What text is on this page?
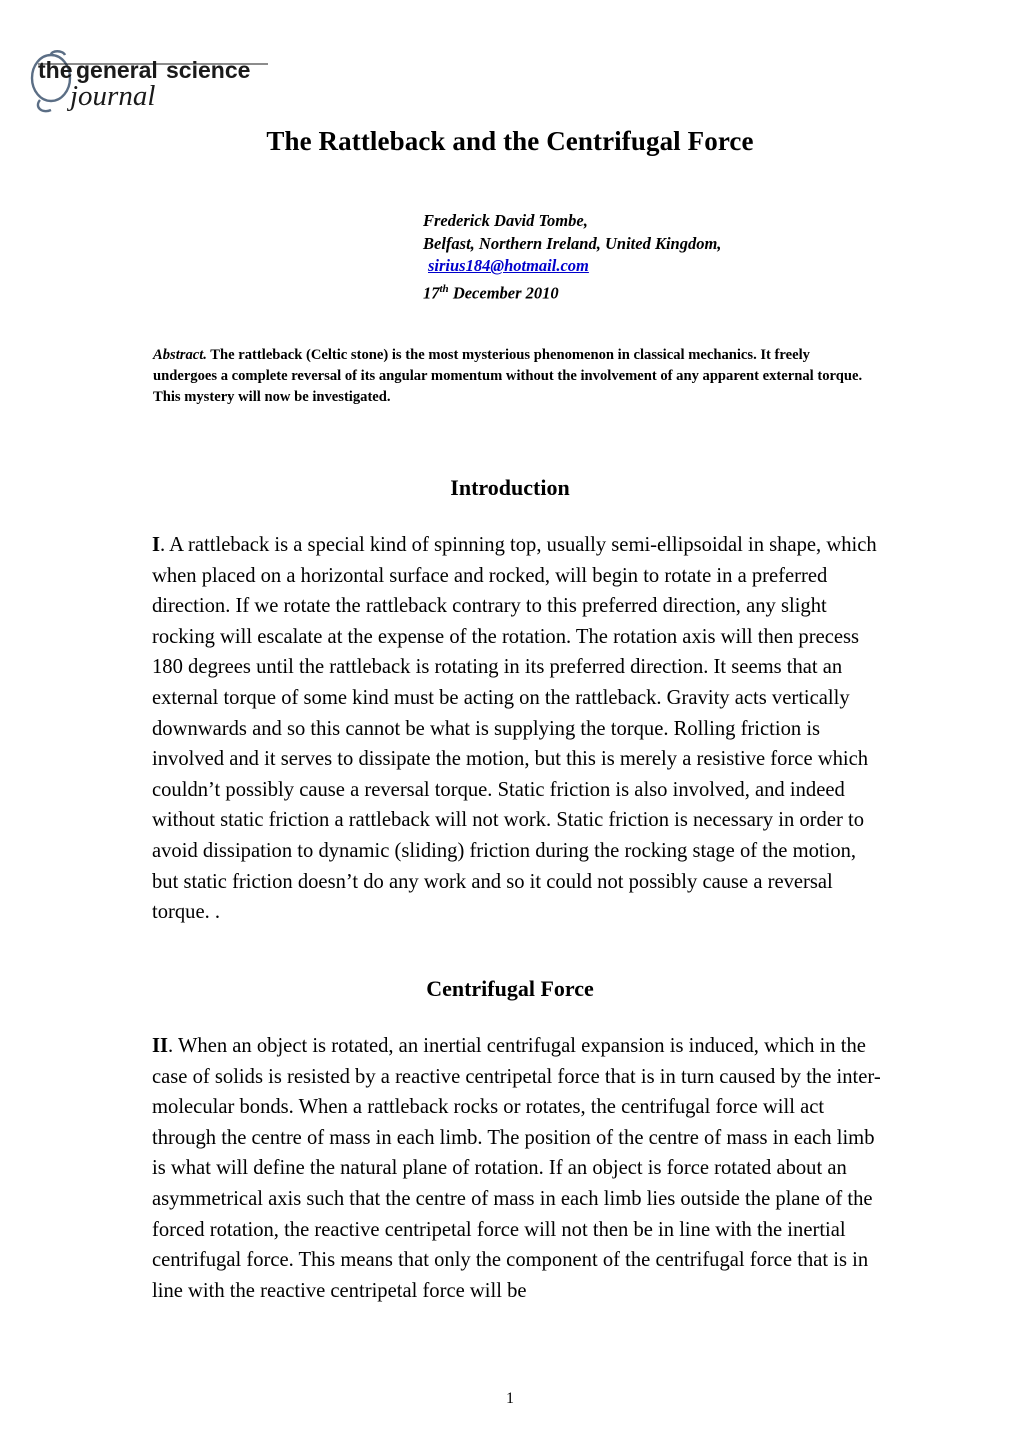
the general science
journal
The Rattleback and the Centrifugal Force
Frederick David Tombe,
Belfast, Northern Ireland, United Kingdom,
sirius184@hotmail.com
17th December 2010
Abstract. The rattleback (Celtic stone) is the most mysterious phenomenon in classical mechanics. It freely undergoes a complete reversal of its angular momentum without the involvement of any apparent external torque. This mystery will now be investigated.
Introduction
I. A rattleback is a special kind of spinning top, usually semi-ellipsoidal in shape, which when placed on a horizontal surface and rocked, will begin to rotate in a preferred direction. If we rotate the rattleback contrary to this preferred direction, any slight rocking will escalate at the expense of the rotation. The rotation axis will then precess 180 degrees until the rattleback is rotating in its preferred direction. It seems that an external torque of some kind must be acting on the rattleback. Gravity acts vertically downwards and so this cannot be what is supplying the torque. Rolling friction is involved and it serves to dissipate the motion, but this is merely a resistive force which couldn’t possibly cause a reversal torque. Static friction is also involved, and indeed without static friction a rattleback will not work. Static friction is necessary in order to avoid dissipation to dynamic (sliding) friction during the rocking stage of the motion, but static friction doesn’t do any work and so it could not possibly cause a reversal torque. .
Centrifugal Force
II. When an object is rotated, an inertial centrifugal expansion is induced, which in the case of solids is resisted by a reactive centripetal force that is in turn caused by the inter-molecular bonds. When a rattleback rocks or rotates, the centrifugal force will act through the centre of mass in each limb. The position of the centre of mass in each limb is what will define the natural plane of rotation. If an object is force rotated about an asymmetrical axis such that the centre of mass in each limb lies outside the plane of the forced rotation, the reactive centripetal force will not then be in line with the inertial centrifugal force. This means that only the component of the centrifugal force that is in line with the reactive centripetal force will be
1
